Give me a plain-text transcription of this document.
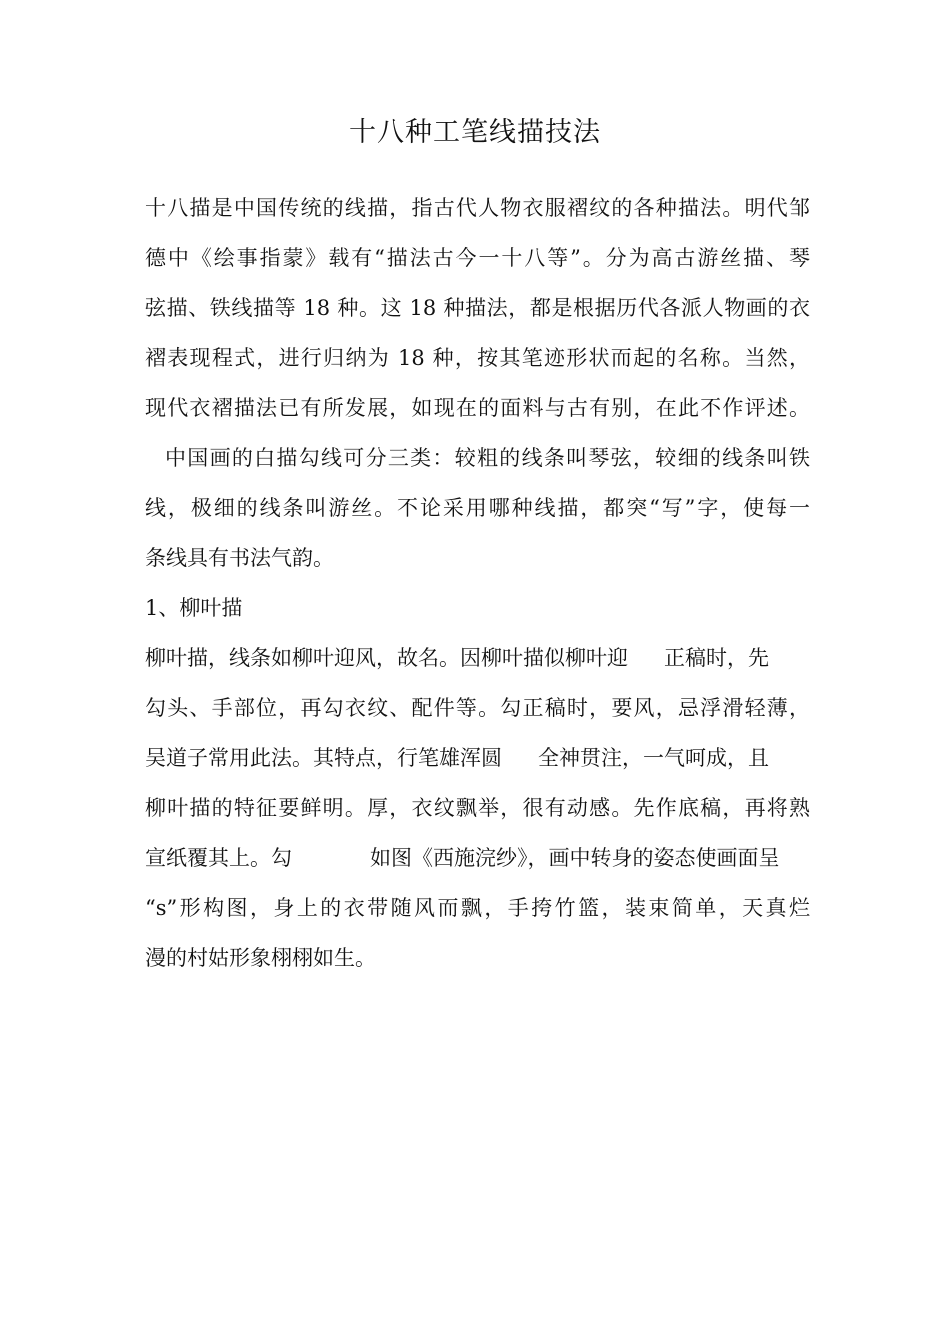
十八种工笔线描技法

十八描是中国传统的线描，指古代人物衣服褶纹的各种描法。明代邹

德中《绘事指蒙》载有“描法古今一十八等”。分为高古游丝描、琴

弦描、铁线描等 18 种。这 18 种描法，都是根据历代各派人物画的衣

褶表现程式，进行归纳为 18 种，按其笔迹形状而起的名称。当然，

现代衣褶描法已有所发展，如现在的面料与古有别，在此不作评述。

中国画的白描勾线可分三类：较粗的线条叫琴弦，较细的线条叫铁

线，极细的线条叫游丝。不论采用哪种线描，都突“写”字，使每一

条线具有书法气韵。

1、柳叶描

柳叶描，线条如柳叶迎风，故名。因柳叶描似柳叶迎 正稿时，先

勾头、手部位，再勾衣纹、配件等。勾正稿时，要风，忌浮滑轻薄，

吴道子常用此法。其特点，行笔雄浑圆 全神贯注，一气呵成，且

柳叶描的特征要鲜明。厚，衣纹飘举，很有动感。先作底稿，再将熟

宣纸覆其上。勾	如图《西施浣纱》，画中转身的姿态使画面呈

“s”形构图，身上的衣带随风而飘，手挎竹篮，装束简单，天真烂

漫的村姑形象栩栩如生。
